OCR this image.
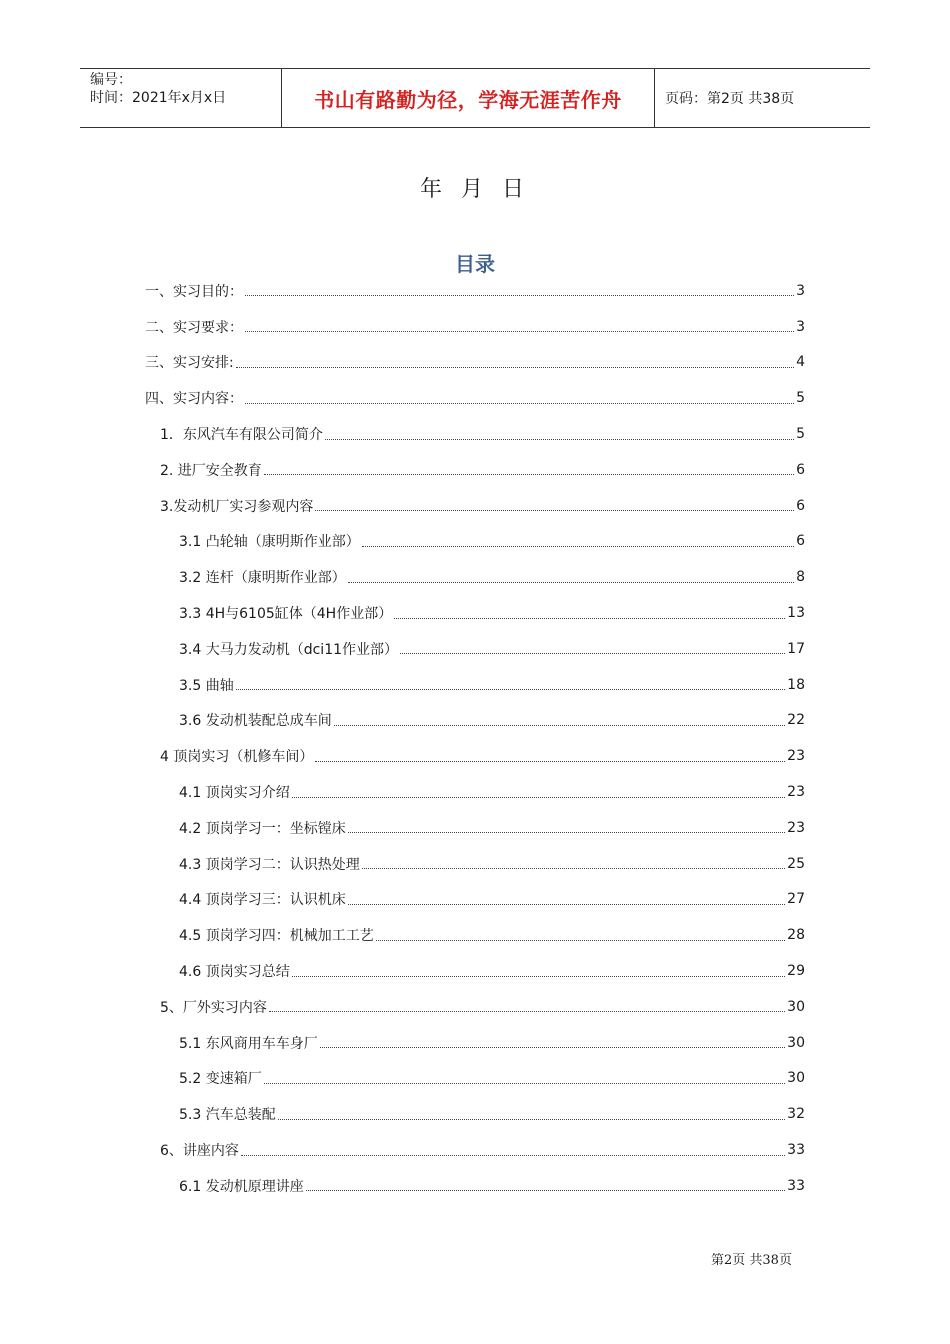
编号：
时间：2021年x月x日	书山有路勤为径，学海无涯苦作舟	页码：第2页 共38页
年 月 日
目录
一、实习目的：	3
二、实习要求：	3
三、实习安排:	4
四、实习内容：	5
1．东风汽车有限公司简介	5
2. 进厂安全教育	6
3.发动机厂实习参观内容	6
3.1 凸轮轴（康明斯作业部）	6
3.2 连杆（康明斯作业部）	8
3.3 4H与6105缸体（4H作业部）	13
3.4 大马力发动机（dci11作业部）	17
3.5 曲轴	18
3.6 发动机装配总成车间	22
4 顶岗实习（机修车间）	23
4.1 顶岗实习介绍	23
4.2 顶岗学习一：坐标镗床	23
4.3 顶岗学习二：认识热处理	25
4.4 顶岗学习三：认识机床	27
4.5 顶岗学习四：机械加工工艺	28
4.6 顶岗实习总结	29
5、厂外实习内容	30
5.1 东风商用车车身厂	30
5.2 变速箱厂	30
5.3 汽车总装配	32
6、讲座内容	33
6.1 发动机原理讲座	33
第2页 共38页
